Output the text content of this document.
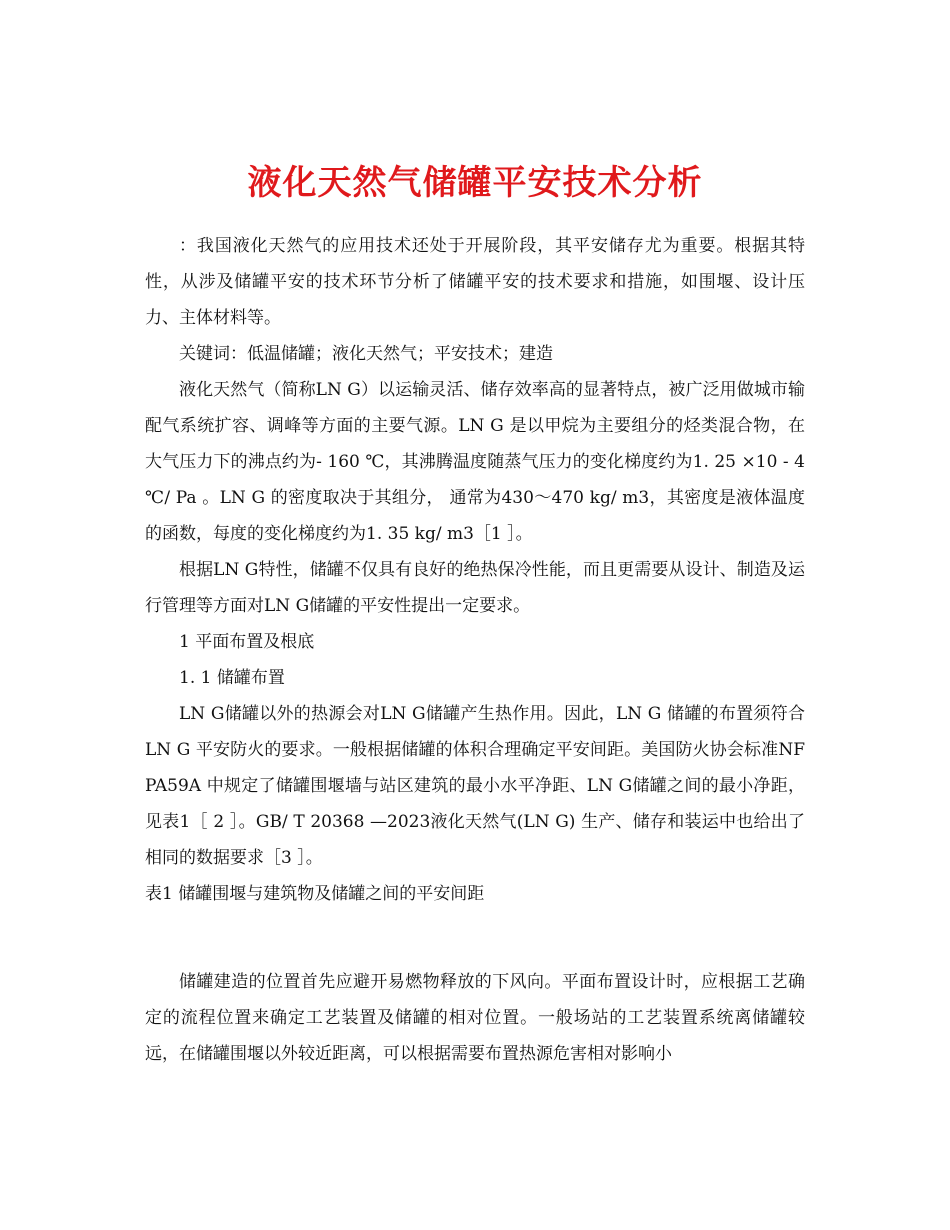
液化天然气储罐平安技术分析

：我国液化天然气的应用技术还处于开展阶段，其平安储存尤为重要。根据其特性，从涉及储罐平安的技术环节分析了储罐平安的技术要求和措施，如围堰、设计压力、主体材料等。

关键词：低温储罐；液化天然气；平安技术；建造

液化天然气（简称LN G）以运输灵活、储存效率高的显著特点，被广泛用做城市输配气系统扩容、调峰等方面的主要气源。LN G 是以甲烷为主要组分的烃类混合物，在大气压力下的沸点约为- 160 ℃，其沸腾温度随蒸气压力的变化梯度约为1. 25 ×10 - 4 ℃/ Pa 。LN G 的密度取决于其组分， 通常为430～470 kg/ m3，其密度是液体温度的函数，每度的变化梯度约为1. 35 kg/ m3［1 ］。

根据LN G特性，储罐不仅具有良好的绝热保冷性能，而且更需要从设计、制造及运行管理等方面对LN G储罐的平安性提出一定要求。

1 平面布置及根底

1. 1 储罐布置

LN G储罐以外的热源会对LN G储罐产生热作用。因此，LN G 储罐的布置须符合LN G 平安防火的要求。一般根据储罐的体积合理确定平安间距。美国防火协会标准NFPA59A 中规定了储罐围堰墙与站区建筑的最小水平净距、LN G储罐之间的最小净距，见表1［ 2 ］。GB/ T 20368 —2023液化天然气(LN G) 生产、储存和装运中也给出了相同的数据要求［3 ］。

表1 储罐围堰与建筑物及储罐之间的平安间距

储罐建造的位置首先应避开易燃物释放的下风向。平面布置设计时，应根据工艺确定的流程位置来确定工艺装置及储罐的相对位置。一般场站的工艺装置系统离储罐较远，在储罐围堰以外较近距离，可以根据需要布置热源危害相对影响小
